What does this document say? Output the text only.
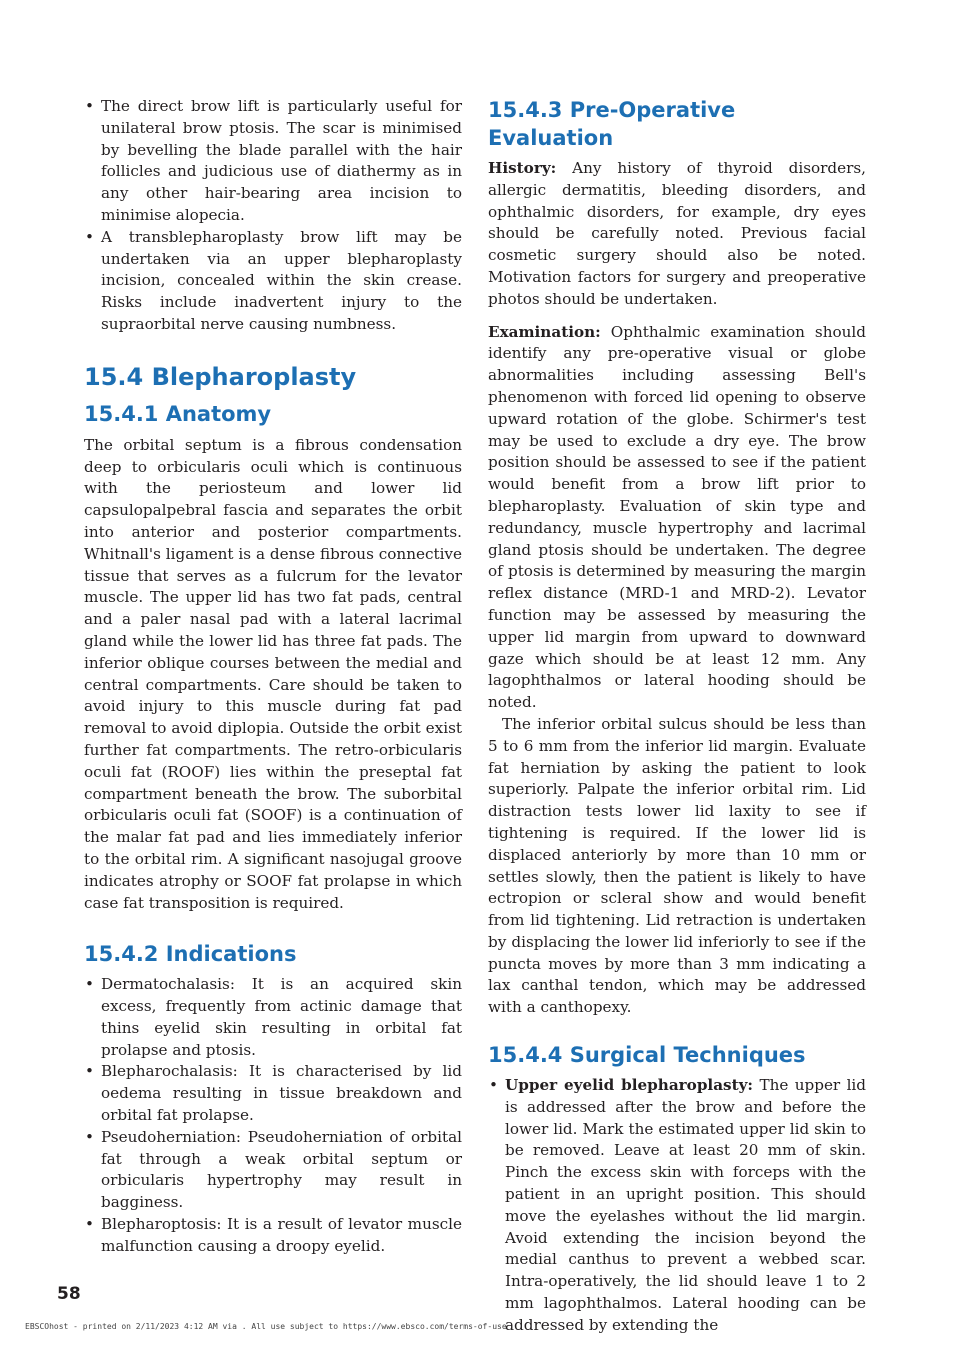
• The direct brow lift is particularly useful for unilateral brow ptosis. The scar is minimised by bevelling the blade parallel with the hair follicles and judicious use of diathermy as in any other hair-bearing area incision to minimise alopecia.
• A transblepharoplasty brow lift may be undertaken via an upper blepharoplasty incision, concealed within the skin crease. Risks include inadvertent injury to the supraorbital nerve causing numbness.
15.4 Blepharoplasty
15.4.1 Anatomy

The orbital septum is a fibrous condensation deep to orbicularis oculi which is continuous with the periosteum and lower lid capsulopalpebral fascia and separates the orbit into anterior and posterior compartments. Whitnall's ligament is a dense fibrous connective tissue that serves as a fulcrum for the levator muscle. The upper lid has two fat pads, central and a paler nasal pad with a lateral lacrimal gland while the lower lid has three fat pads. The inferior oblique courses between the medial and central compartments. Care should be taken to avoid injury to this muscle during fat pad removal to avoid diplopia. Outside the orbit exist further fat compartments. The retro-orbicularis oculi fat (ROOF) lies within the preseptal fat compartment beneath the brow. The suborbital orbicularis oculi fat (SOOF) is a continuation of the malar fat pad and lies immediately inferior to the orbital rim. A significant nasojugal groove indicates atrophy or SOOF fat prolapse in which case fat transposition is required.

15.4.2 Indications
• Dermatochalasis: It is an acquired skin excess, frequently from actinic damage that thins eyelid skin resulting in orbital fat prolapse and ptosis.
• Blepharochalasis: It is characterised by lid oedema resulting in tissue breakdown and orbital fat prolapse.
• Pseudoherniation: Pseudoherniation of orbital fat through a weak orbital septum or orbicularis hypertrophy may result in bagginess.
• Blepharoptosis: It is a result of levator muscle malfunction causing a droopy eyelid.
15.4.3 Pre-Operative Evaluation

History: Any history of thyroid disorders, allergic dermatitis, bleeding disorders, and ophthalmic disorders, for example, dry eyes should be carefully noted. Previous facial cosmetic surgery should also be noted. Motivation factors for surgery and preoperative photos should be undertaken.

Examination: Ophthalmic examination should identify any pre-operative visual or globe abnormalities including assessing Bell's phenomenon with forced lid opening to observe upward rotation of the globe. Schirmer's test may be used to exclude a dry eye. The brow position should be assessed to see if the patient would benefit from a brow lift prior to blepharoplasty. Evaluation of skin type and redundancy, muscle hypertrophy and lacrimal gland ptosis should be undertaken. The degree of ptosis is determined by measuring the margin reflex distance (MRD-1 and MRD-2). Levator function may be assessed by measuring the upper lid margin from upward to downward gaze which should be at least 12 mm. Any lagophthalmos or lateral hooding should be noted.

The inferior orbital sulcus should be less than 5 to 6 mm from the inferior lid margin. Evaluate fat herniation by asking the patient to look superiorly. Palpate the inferior orbital rim. Lid distraction tests lower lid laxity to see if tightening is required. If the lower lid is displaced anteriorly by more than 10 mm or settles slowly, then the patient is likely to have ectropion or scleral show and would benefit from lid tightening. Lid retraction is undertaken by displacing the lower lid inferiorly to see if the puncta moves by more than 3 mm indicating a lax canthal tendon, which may be addressed with a canthopexy.

15.4.4 Surgical Techniques
• Upper eyelid blepharoplasty: The upper lid is addressed after the brow and before the lower lid. Mark the estimated upper lid skin to be removed. Leave at least 20 mm of skin. Pinch the excess skin with forceps with the patient in an upright position. This should move the eyelashes without the lid margin. Avoid extending the incision beyond the medial canthus to prevent a webbed scar. Intra-operatively, the lid should leave 1 to 2 mm lagophthalmos. Lateral hooding can be addressed by extending the
58
EBSCOhost - printed on 2/11/2023 4:12 AM via . All use subject to https://www.ebsco.com/terms-of-use
